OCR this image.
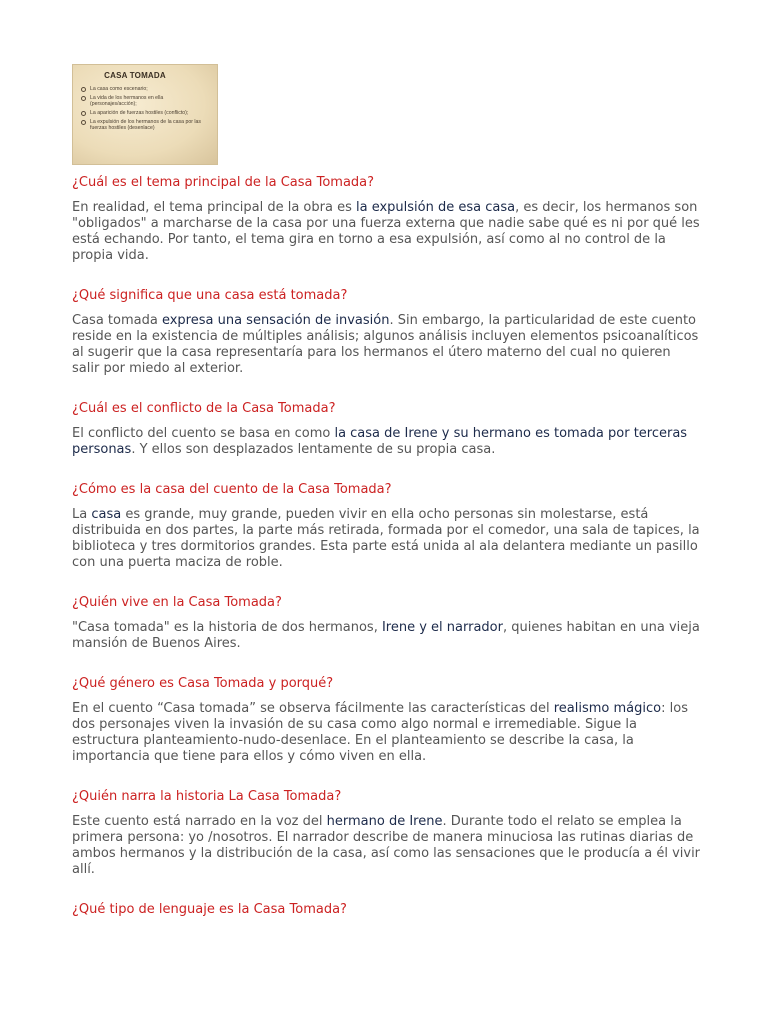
CASA TOMADA
La casa como escenario;
La vida de los hermanos en ella (personajes/acción);
La aparición de fuerzas hostiles (conflicto);
La expulsión de los hermanos de la casa por las fuerzas hostiles (desenlace)
¿Cuál es el tema principal de la Casa Tomada?

En realidad, el tema principal de la obra es la expulsión de esa casa, es decir, los hermanos son "obligados" a marcharse de la casa por una fuerza externa que nadie sabe qué es ni por qué les está echando. Por tanto, el tema gira en torno a esa expulsión, así como al no control de la propia vida.

¿Qué significa que una casa está tomada?

Casa tomada expresa una sensación de invasión. Sin embargo, la particularidad de este cuento reside en la existencia de múltiples análisis; algunos análisis incluyen elementos psicoanalíticos al sugerir que la casa representaría para los hermanos el útero materno del cual no quieren salir por miedo al exterior.

¿Cuál es el conflicto de la Casa Tomada?

El conflicto del cuento se basa en como la casa de Irene y su hermano es tomada por terceras personas. Y ellos son desplazados lentamente de su propia casa.

¿Cómo es la casa del cuento de la Casa Tomada?

La casa es grande, muy grande, pueden vivir en ella ocho personas sin molestarse, está distribuida en dos partes, la parte más retirada, formada por el comedor, una sala de tapices, la biblioteca y tres dormitorios grandes. Esta parte está unida al ala delantera mediante un pasillo con una puerta maciza de roble.

¿Quién vive en la Casa Tomada?

"Casa tomada" es la historia de dos hermanos, Irene y el narrador, quienes habitan en una vieja mansión de Buenos Aires.

¿Qué género es Casa Tomada y porqué?

En el cuento “Casa tomada” se observa fácilmente las características del realismo mágico: los dos personajes viven la invasión de su casa como algo normal e irremediable. Sigue la estructura planteamiento-nudo-desenlace. En el planteamiento se describe la casa, la importancia que tiene para ellos y cómo viven en ella.

¿Quién narra la historia La Casa Tomada?

Este cuento está narrado en la voz del hermano de Irene. Durante todo el relato se emplea la primera persona: yo /nosotros. El narrador describe de manera minuciosa las rutinas diarias de ambos hermanos y la distribución de la casa, así como las sensaciones que le producía a él vivir allí.

¿Qué tipo de lenguaje es la Casa Tomada?
